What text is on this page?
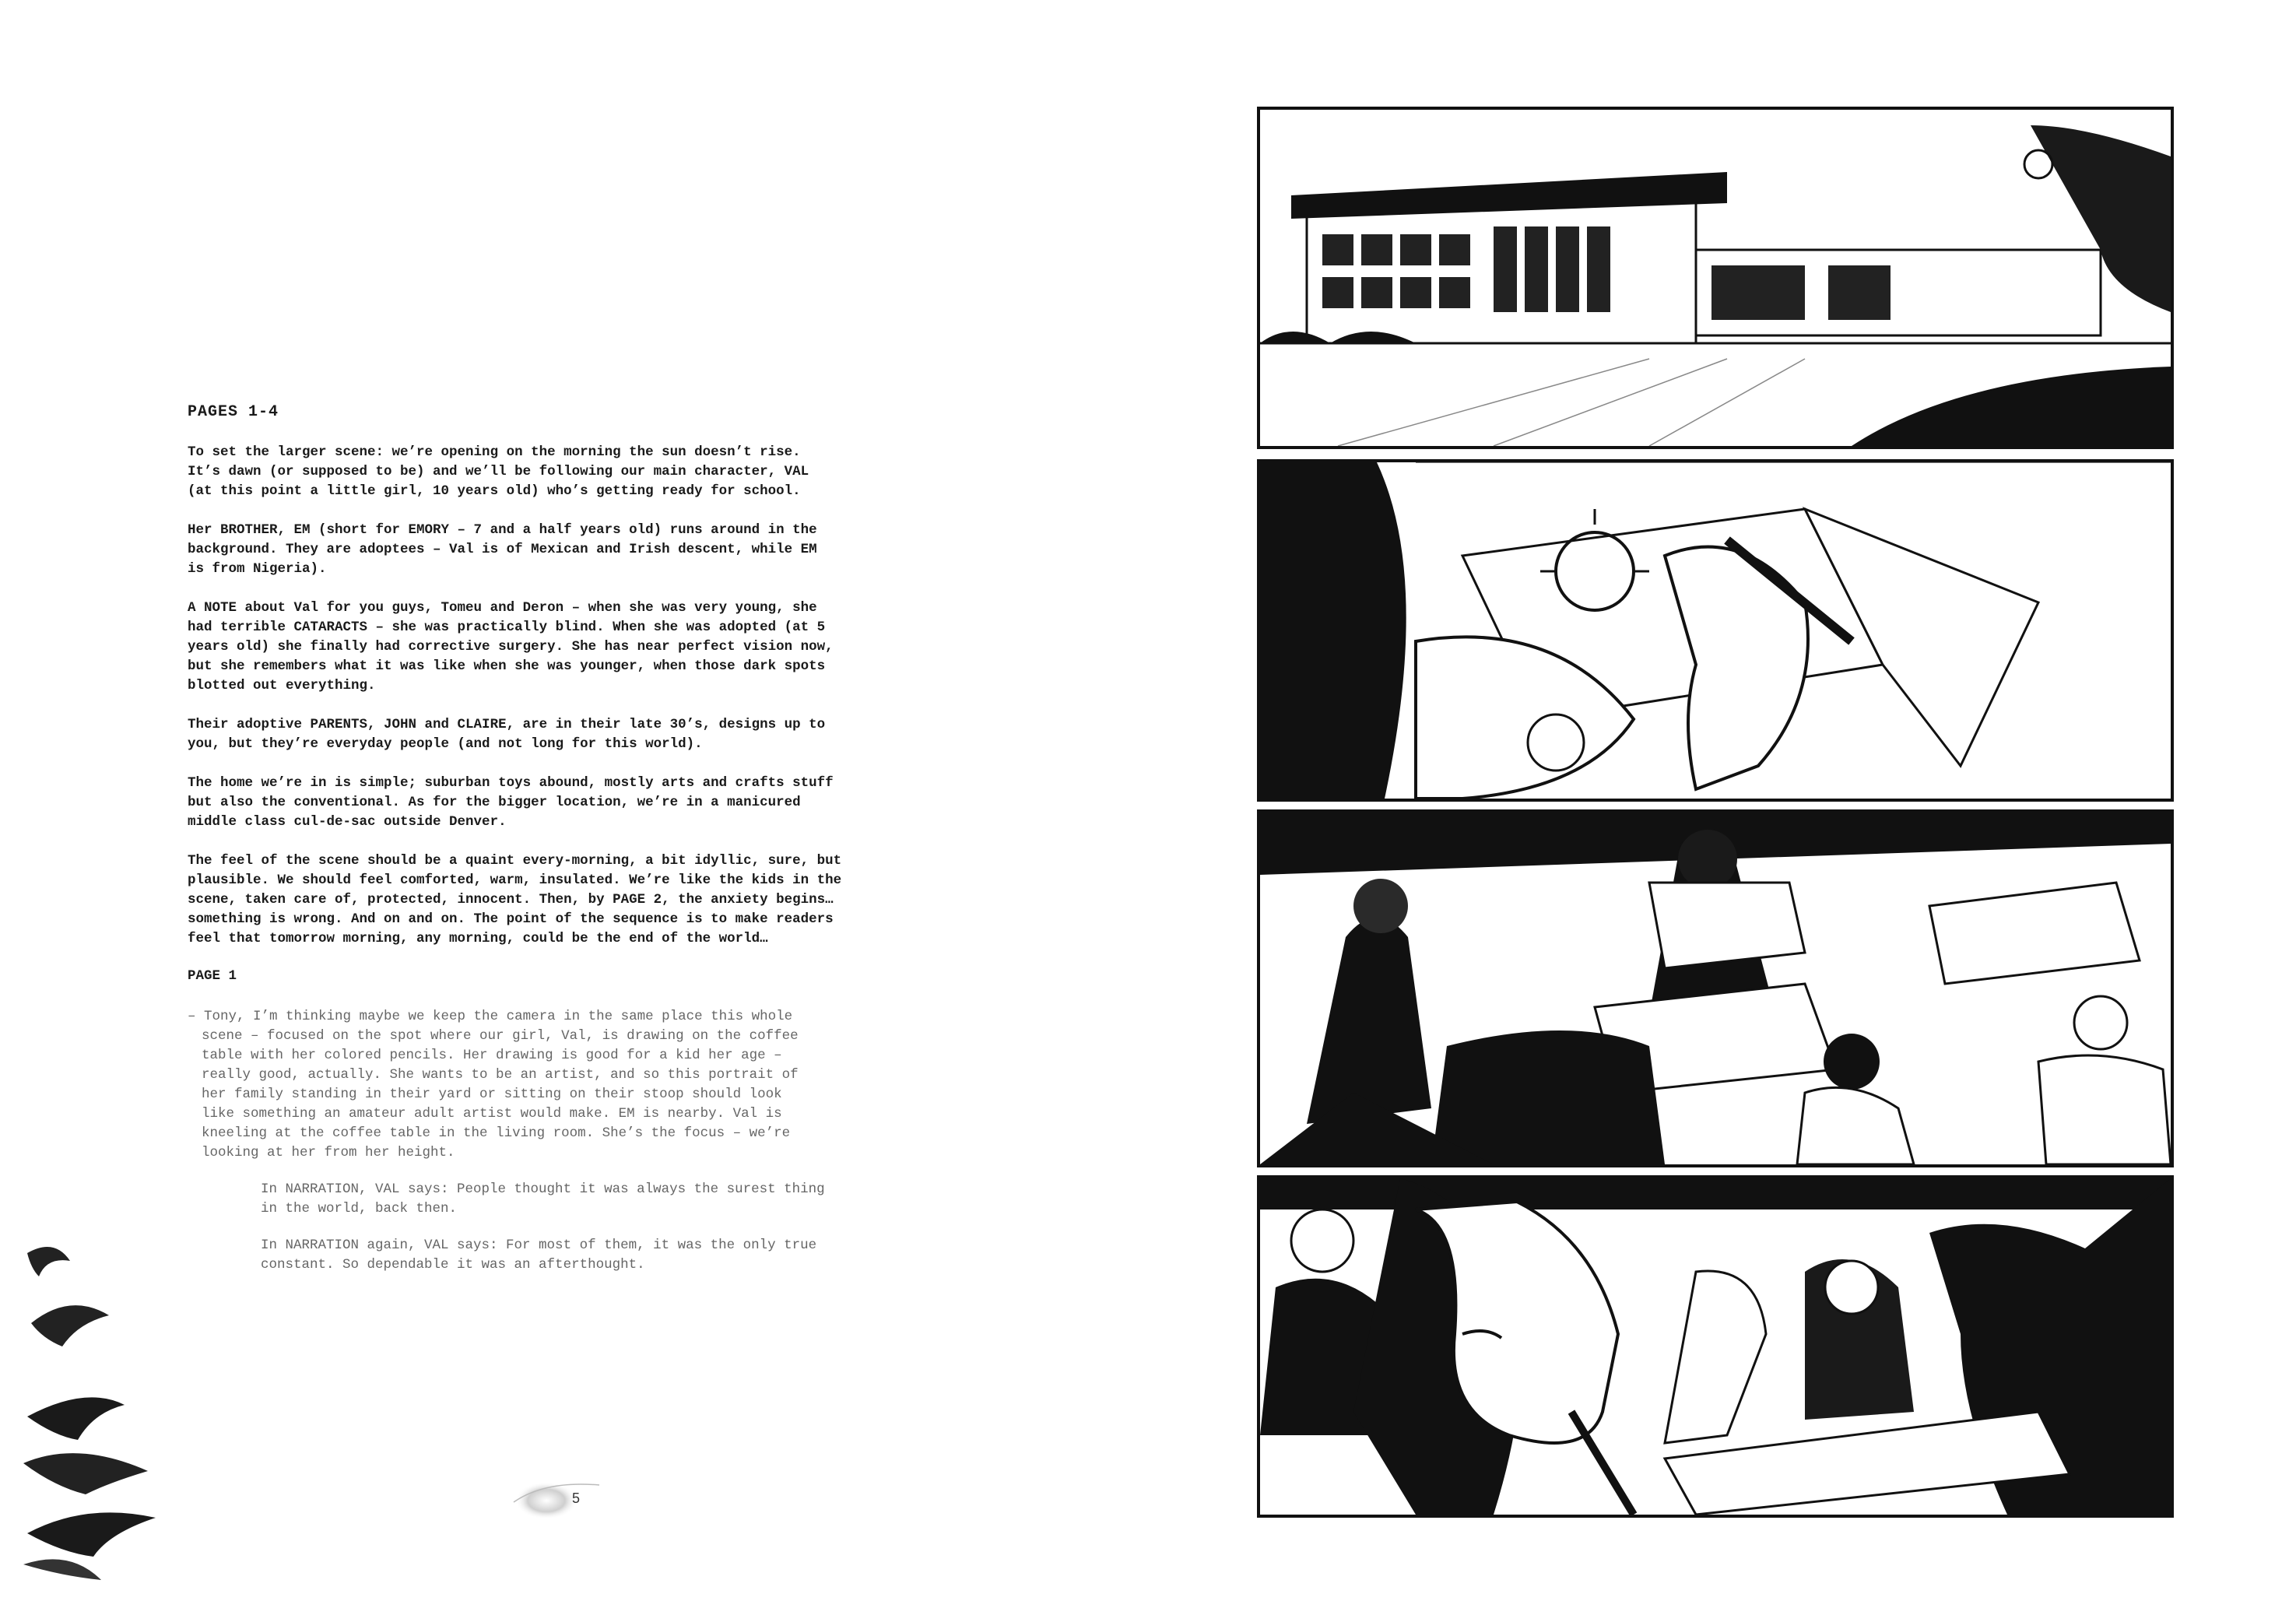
PAGES 1-4

To set the larger scene: we’re opening on the morning the sun doesn’t rise.
It’s dawn (or supposed to be) and we’ll be following our main character, VAL
(at this point a little girl, 10 years old) who’s getting ready for school.

Her BROTHER, EM (short for EMORY – 7 and a half years old) runs around in the
background. They are adoptees – Val is of Mexican and Irish descent, while EM
is from Nigeria).

A NOTE about Val for you guys, Tomeu and Deron – when she was very young, she
had terrible CATARACTS – she was practically blind. When she was adopted (at 5
years old) she finally had corrective surgery. She has near perfect vision now,
but she remembers what it was like when she was younger, when those dark spots
blotted out everything.

Their adoptive PARENTS, JOHN and CLAIRE, are in their late 30’s, designs up to
you, but they’re everyday people (and not long for this world).

The home we’re in is simple; suburban toys abound, mostly arts and crafts stuff
but also the conventional. As for the bigger location, we’re in a manicured
middle class cul-de-sac outside Denver.

The feel of the scene should be a quaint every-morning, a bit idyllic, sure, but
plausible. We should feel comforted, warm, insulated. We’re like the kids in the
scene, taken care of, protected, innocent. Then, by PAGE 2, the anxiety begins…
something is wrong. And on and on. The point of the sequence is to make readers
feel that tomorrow morning, any morning, could be the end of the world…

PAGE 1

– Tony, I’m thinking maybe we keep the camera in the same place this whole
scene – focused on the spot where our girl, Val, is drawing on the coffee
table with her colored pencils. Her drawing is good for a kid her age –
really good, actually. She wants to be an artist, and so this portrait of
her family standing in their yard or sitting on their stoop should look
like something an amateur adult artist would make. EM is nearby. Val is
kneeling at the coffee table in the living room. She’s the focus – we’re
looking at her from her height.

In NARRATION, VAL says: People thought it was always the surest thing
in the world, back then.

In NARRATION again, VAL says: For most of them, it was the only true
constant. So dependable it was an afterthought.

5
